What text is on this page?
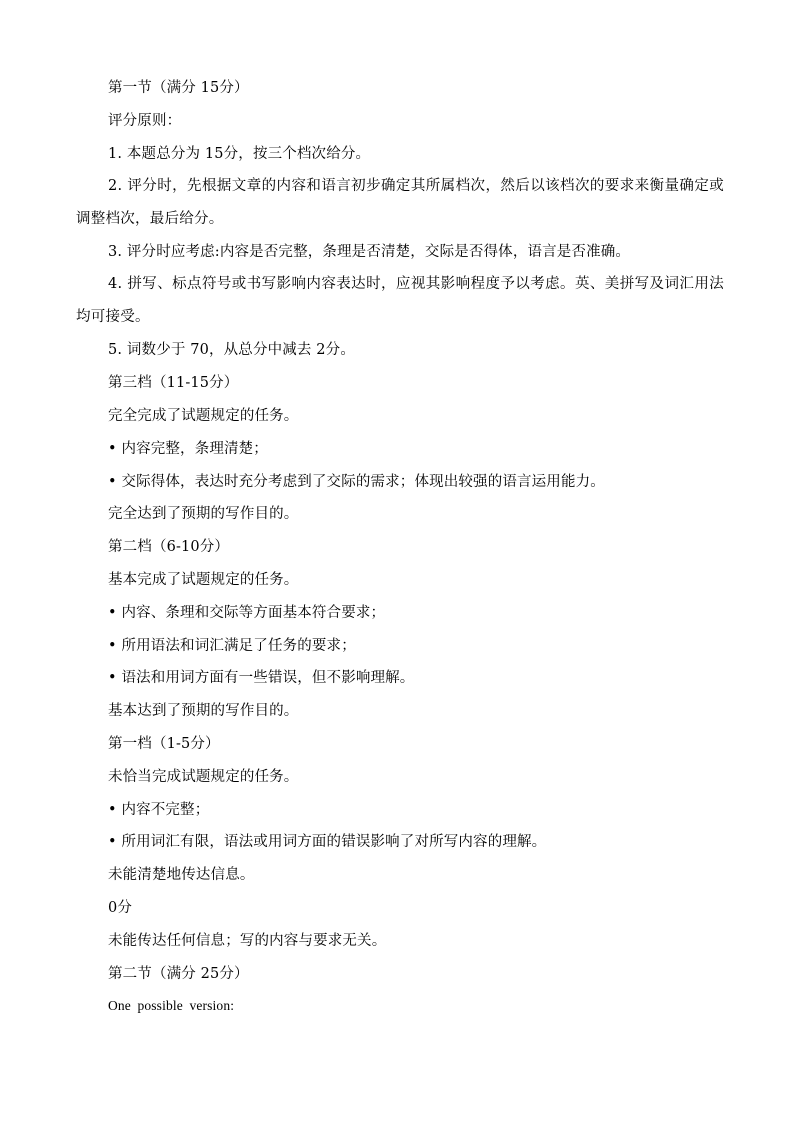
第一节（满分 15分）
评分原则：
1. 本题总分为 15分，按三个档次给分。
2. 评分时，先根据文章的内容和语言初步确定其所属档次，然后以该档次的要求来衡量确定或调整档次，最后给分。
3. 评分时应考虑:内容是否完整，条理是否清楚，交际是否得体，语言是否准确。
4. 拼写、标点符号或书写影响内容表达时，应视其影响程度予以考虑。英、美拼写及词汇用法均可接受。
5. 词数少于 70，从总分中减去 2分。
第三档（11-15分）
完全完成了试题规定的任务。
• 内容完整，条理清楚；
• 交际得体，表达时充分考虑到了交际的需求；体现出较强的语言运用能力。
完全达到了预期的写作目的。
第二档（6-10分）
基本完成了试题规定的任务。
• 内容、条理和交际等方面基本符合要求；
• 所用语法和词汇满足了任务的要求；
• 语法和用词方面有一些错误，但不影响理解。
基本达到了预期的写作目的。
第一档（1-5分）
未恰当完成试题规定的任务。
• 内容不完整；
• 所用词汇有限，语法或用词方面的错误影响了对所写内容的理解。
未能清楚地传达信息。
0分
未能传达任何信息；写的内容与要求无关。
第二节（满分 25分）
One possible version:
